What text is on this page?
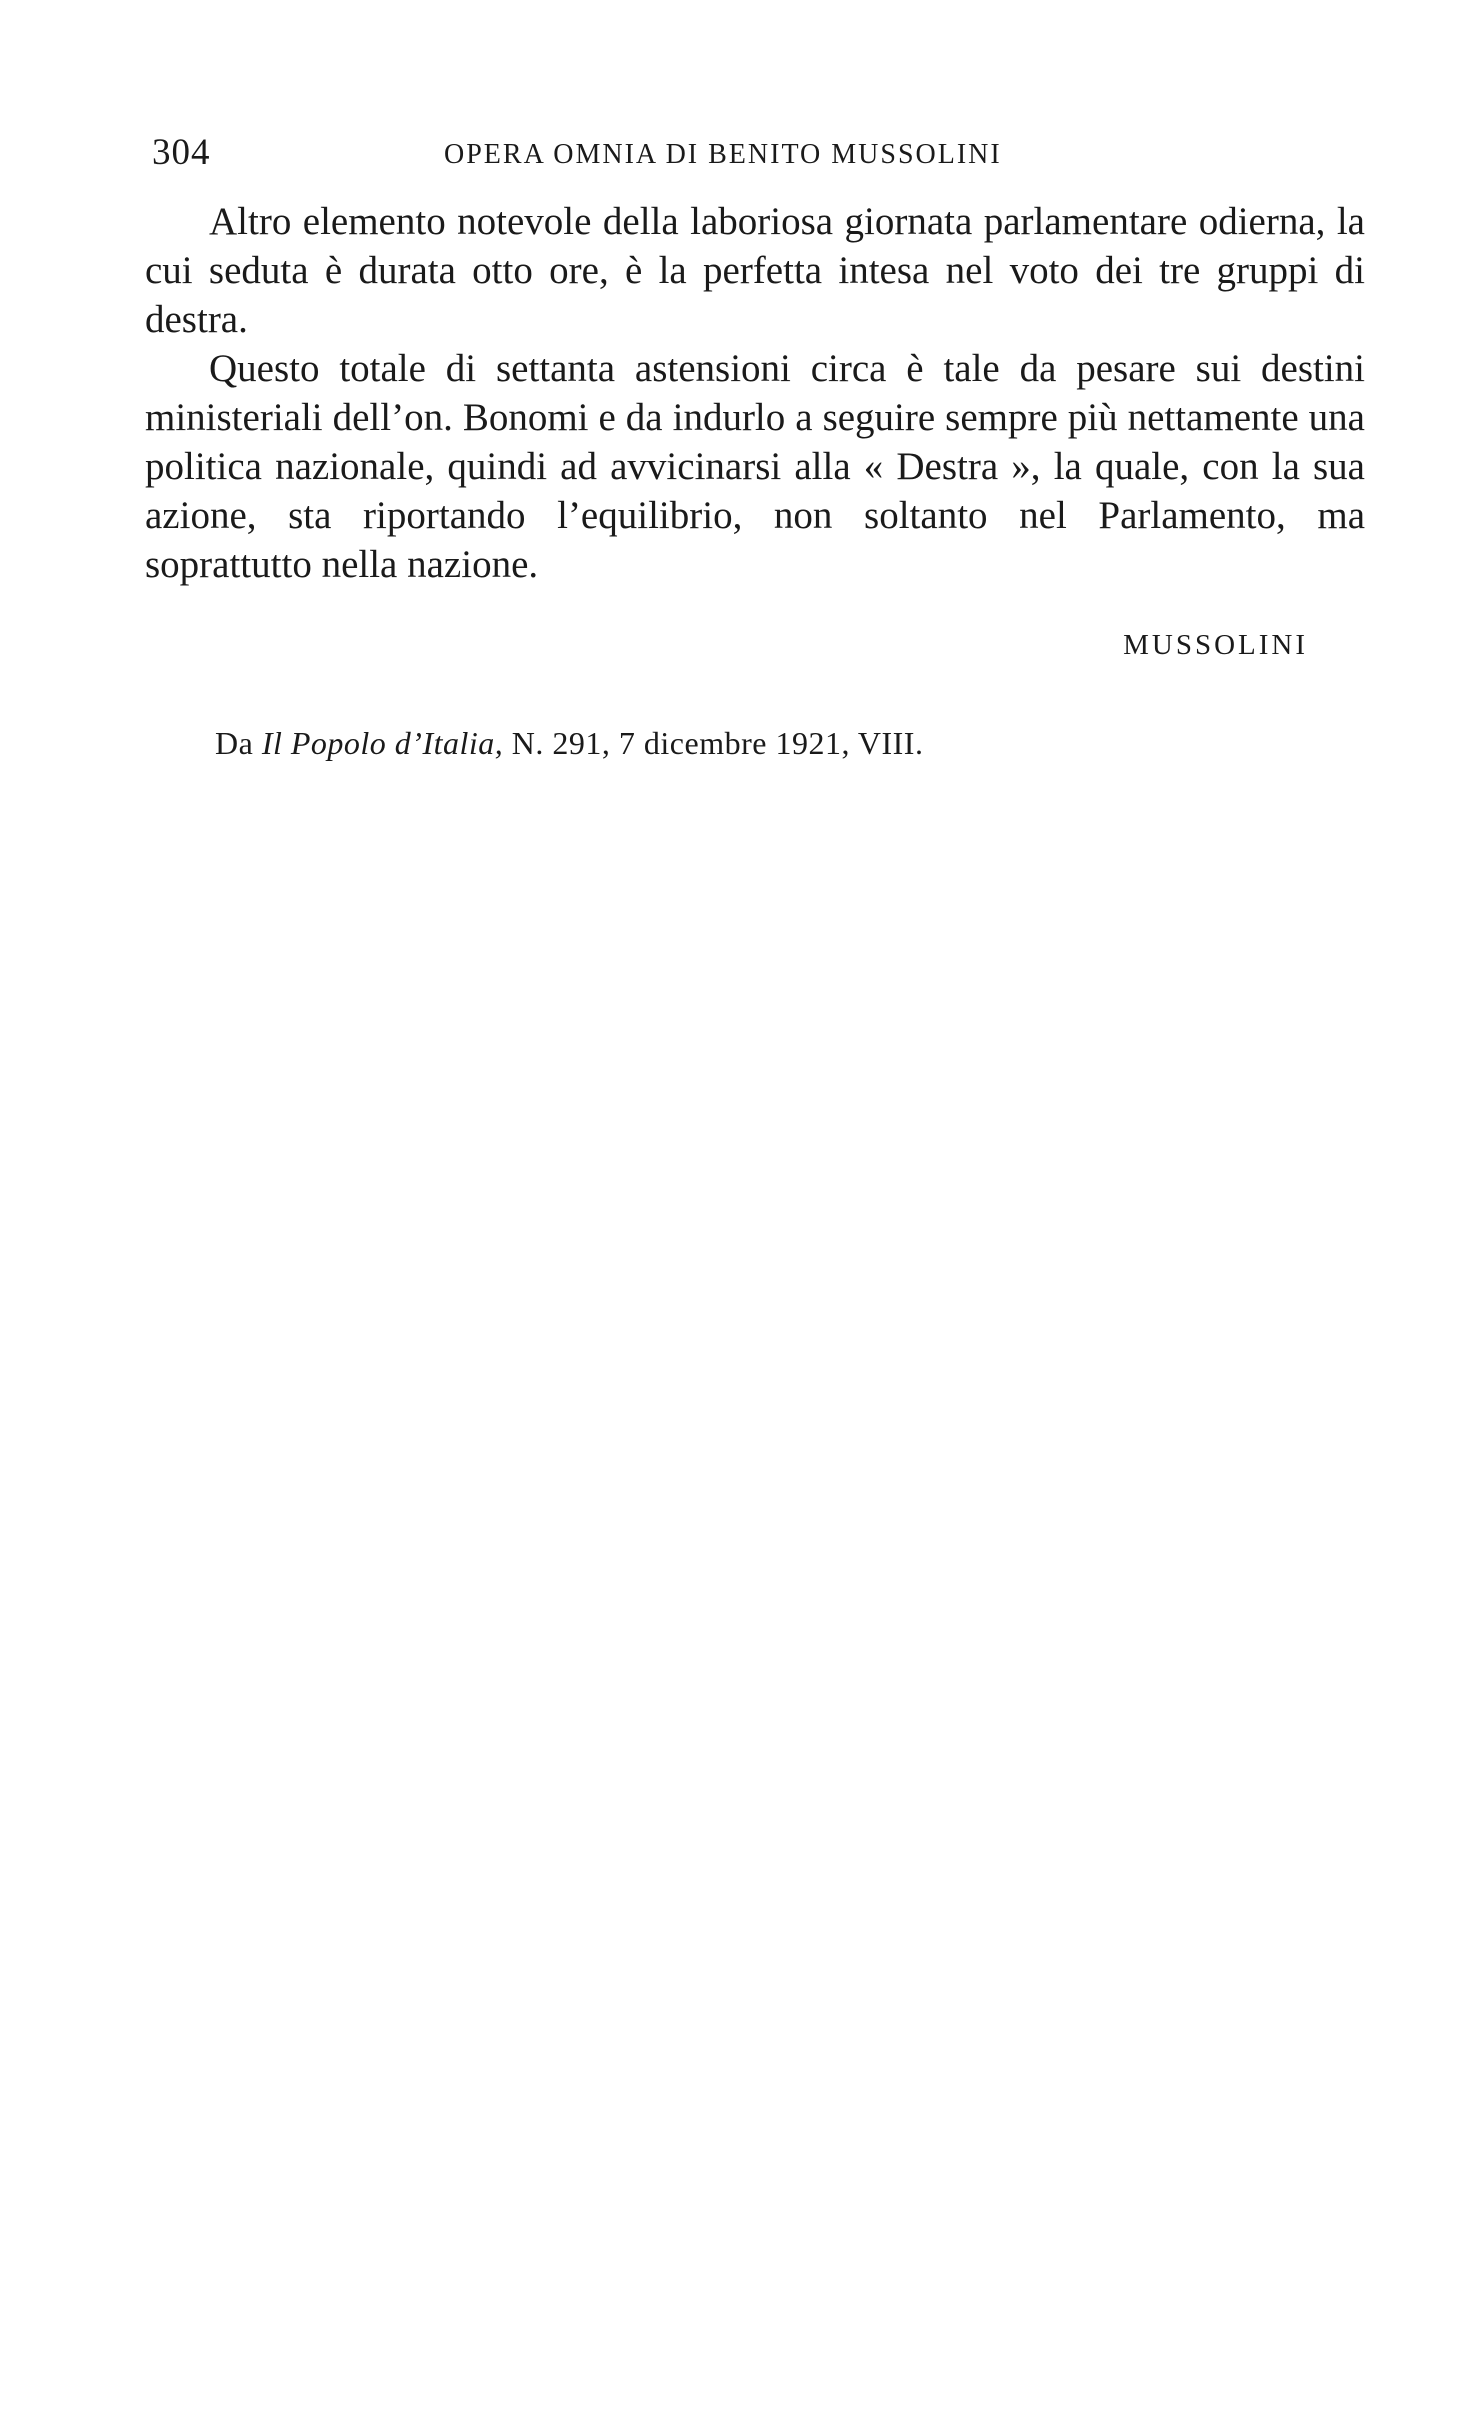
304	OPERA OMNIA DI BENITO MUSSOLINI

Altro elemento notevole della laboriosa giornata parlamentare odierna, la cui seduta è durata otto ore, è la perfetta intesa nel voto dei tre gruppi di destra.

Questo totale di settanta astensioni circa è tale da pesare sui destini ministeriali dell’on. Bonomi e da indurlo a seguire sempre più nettamente una politica nazionale, quindi ad avvicinarsi alla « Destra », la quale, con la sua azione, sta riportando l’equilibrio, non soltanto nel Parlamento, ma soprattutto nella nazione.

MUSSOLINI
Da Il Popolo d’Italia, N. 291, 7 dicembre 1921, VIII.
